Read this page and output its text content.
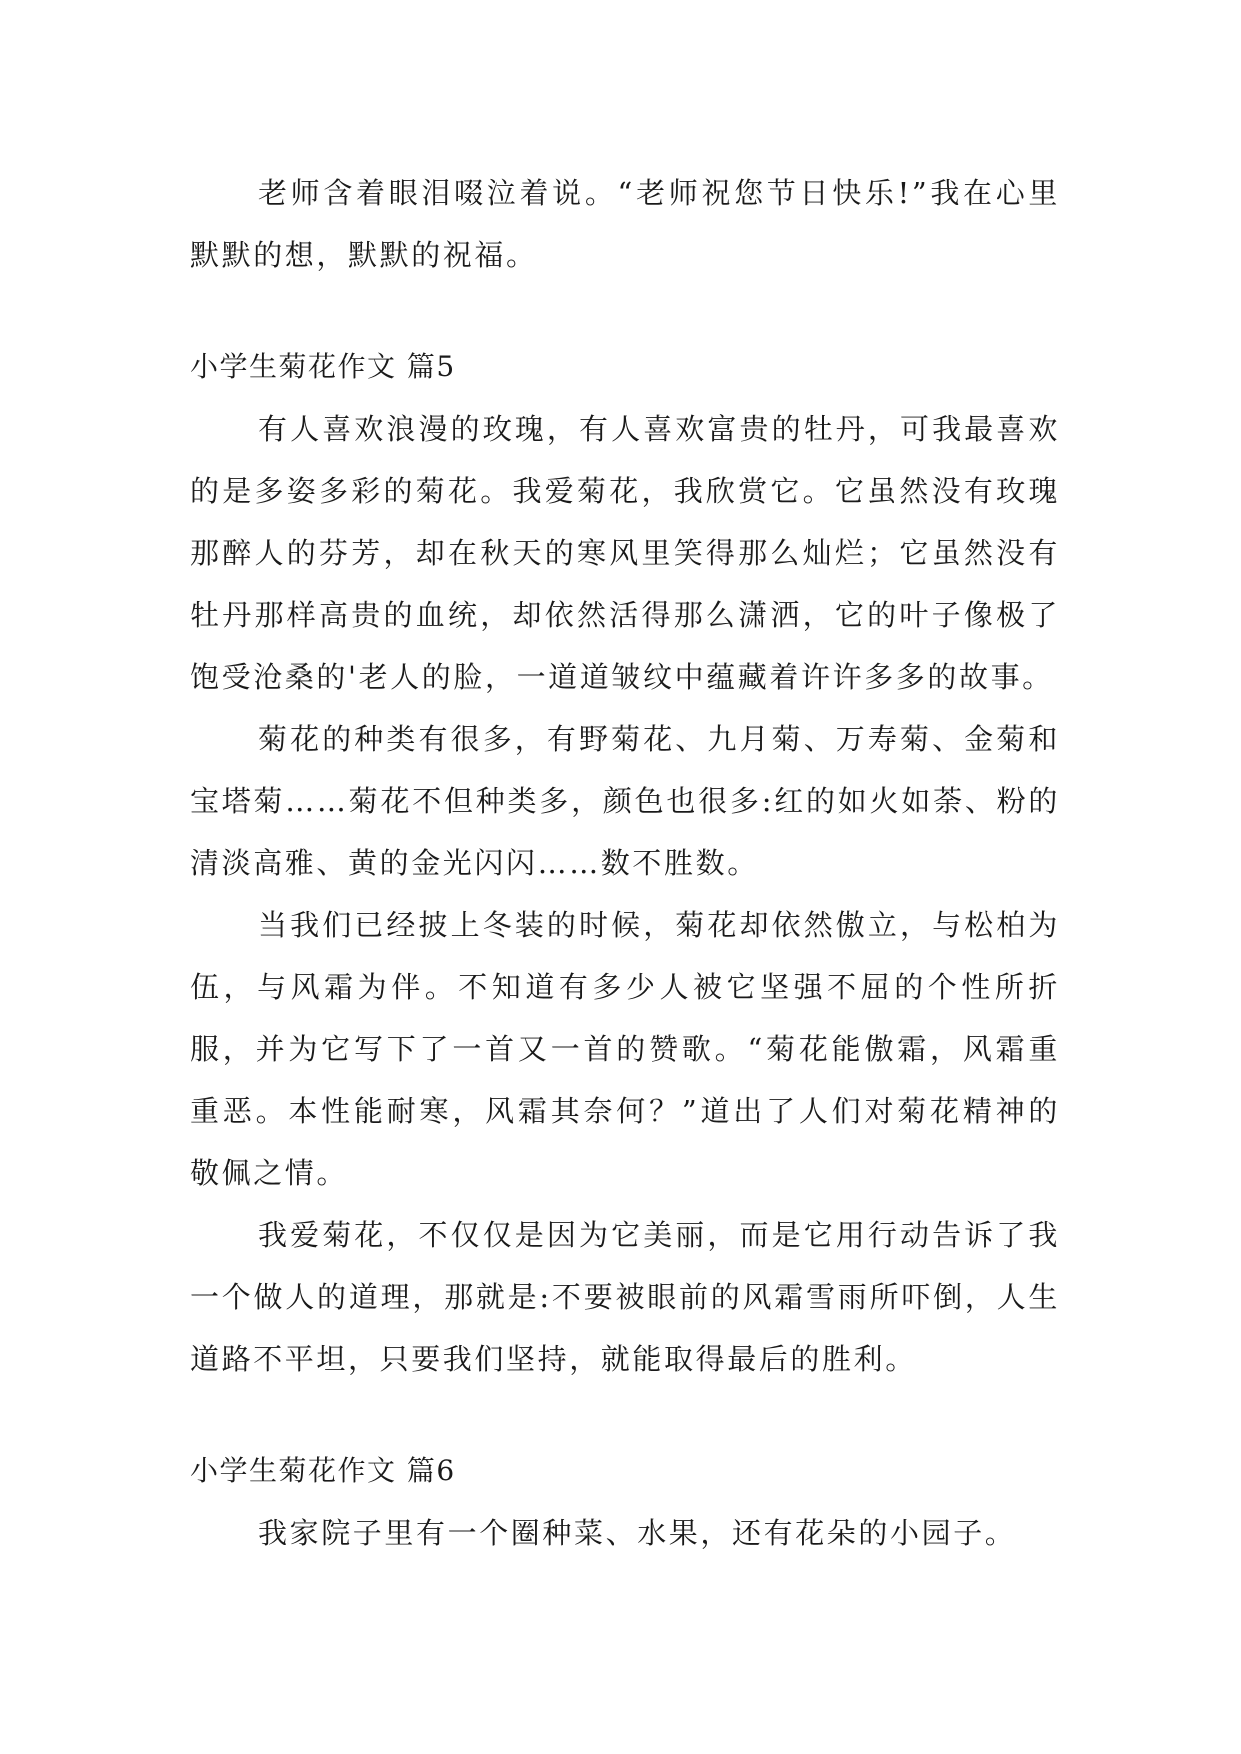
老师含着眼泪啜泣着说。“老师祝您节日快乐!”我在心里默默的想，默默的祝福。

小学生菊花作文 篇5

有人喜欢浪漫的玫瑰，有人喜欢富贵的牡丹，可我最喜欢的是多姿多彩的菊花。我爱菊花，我欣赏它。它虽然没有玫瑰那醉人的芬芳，却在秋天的寒风里笑得那么灿烂；它虽然没有牡丹那样高贵的血统，却依然活得那么潇洒，它的叶子像极了饱受沧桑的'老人的脸，一道道皱纹中蕴藏着许许多多的故事。

菊花的种类有很多，有野菊花、九月菊、万寿菊、金菊和宝塔菊……菊花不但种类多，颜色也很多:红的如火如荼、粉的清淡高雅、黄的金光闪闪……数不胜数。

当我们已经披上冬装的时候，菊花却依然傲立，与松柏为伍，与风霜为伴。不知道有多少人被它坚强不屈的个性所折服，并为它写下了一首又一首的赞歌。“菊花能傲霜，风霜重重恶。本性能耐寒，风霜其奈何？”道出了人们对菊花精神的敬佩之情。

我爱菊花，不仅仅是因为它美丽，而是它用行动告诉了我一个做人的道理，那就是:不要被眼前的风霜雪雨所吓倒，人生道路不平坦，只要我们坚持，就能取得最后的胜利。

小学生菊花作文 篇6

我家院子里有一个圈种菜、水果，还有花朵的小园子。
